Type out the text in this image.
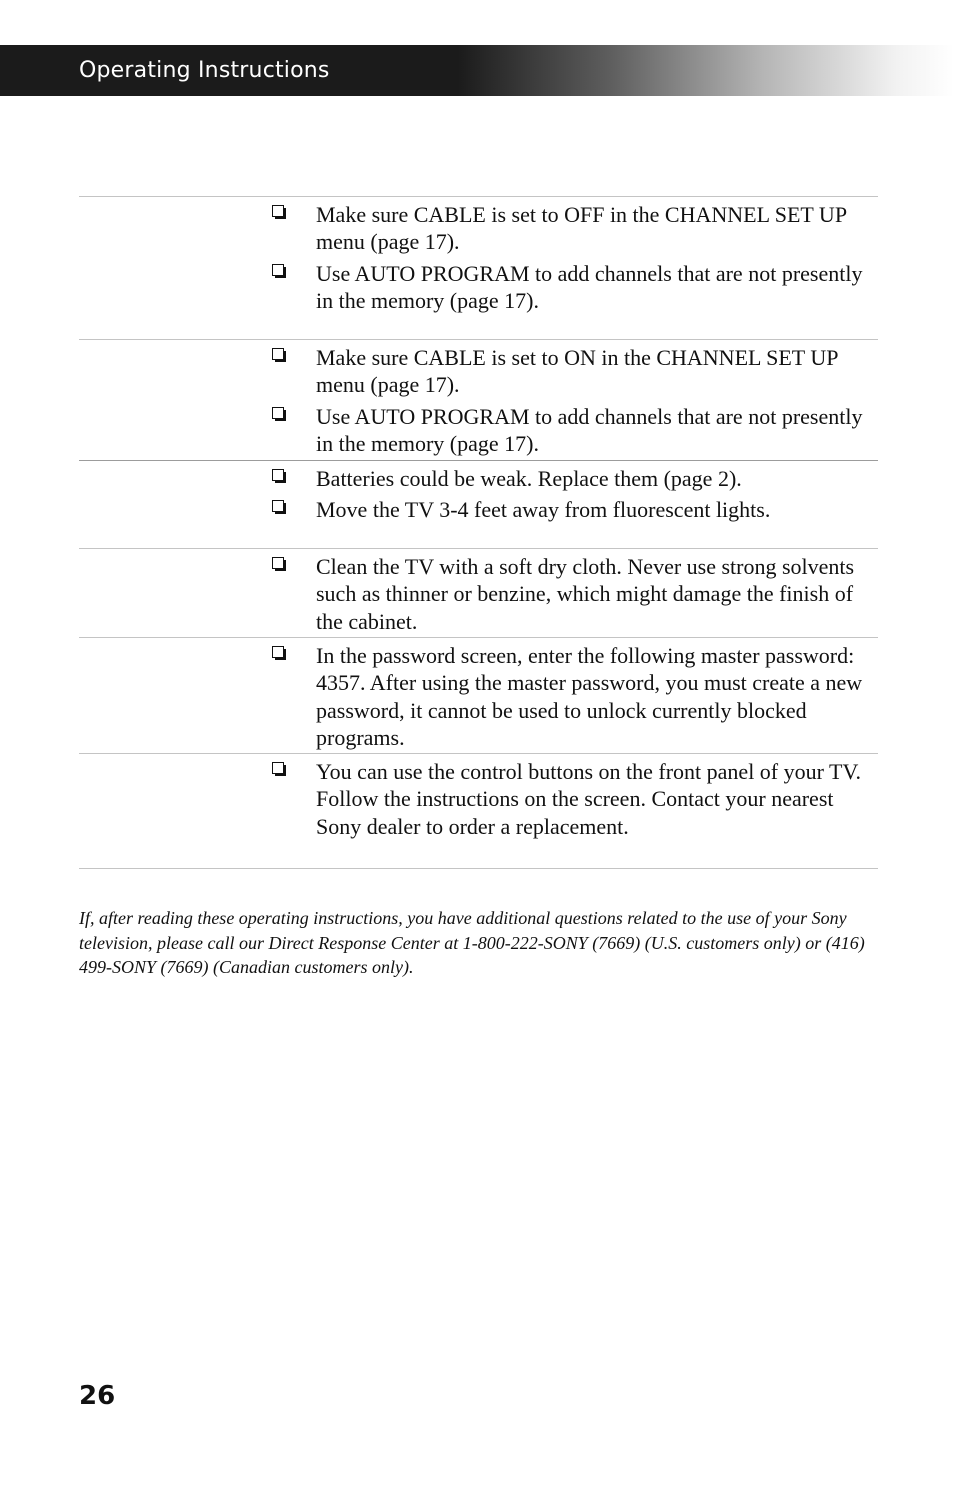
Operating Instructions
Make sure CABLE is set to OFF in the CHANNEL SET UP menu (page 17).
Use AUTO PROGRAM to add channels that are not presently in the memory (page 17).
Make sure CABLE is set to ON in the CHANNEL SET UP menu (page 17).
Use AUTO PROGRAM to add channels that are not presently in the memory (page 17).
Batteries could be weak. Replace them (page 2).
Move the TV 3-4 feet away from fluorescent lights.
Clean the TV with a soft dry cloth. Never use strong solvents such as thinner or benzine, which might damage the finish of the cabinet.
In the password screen, enter the following master password: 4357. After using the master password, you must create a new password, it cannot be used to unlock currently blocked programs.
You can use the control buttons on the front panel of your TV. Follow the instructions on the screen. Contact your nearest Sony dealer to order a replacement.
If, after reading these operating instructions, you have additional questions related to the use of your Sony television, please call our Direct Response Center at 1-800-222-SONY (7669) (U.S. customers only) or (416) 499-SONY (7669) (Canadian customers only).
26
